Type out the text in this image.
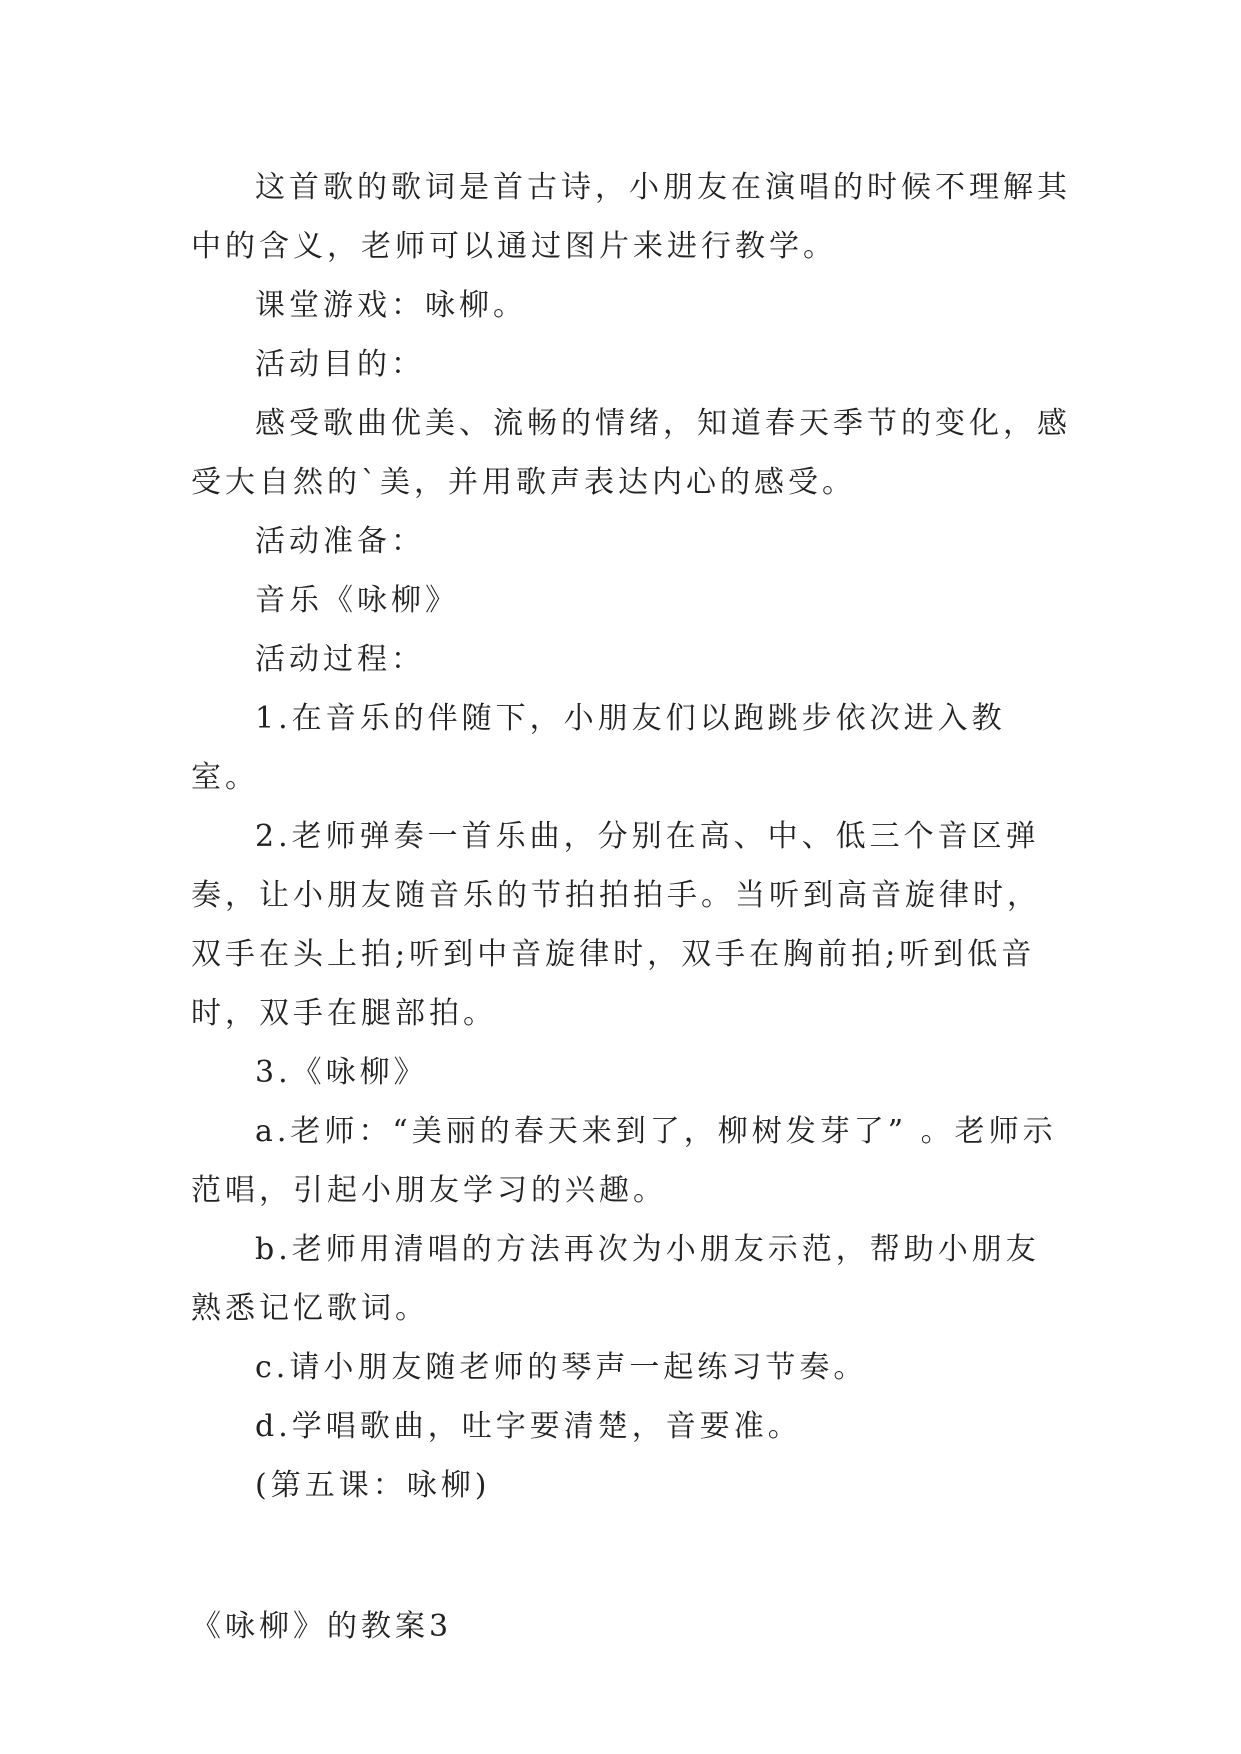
这首歌的歌词是首古诗，小朋友在演唱的时候不理解其中的含义，老师可以通过图片来进行教学。

课堂游戏：咏柳。

活动目的：

感受歌曲优美、流畅的情绪，知道春天季节的变化，感受大自然的`美，并用歌声表达内心的感受。

活动准备：

音乐《咏柳》

活动过程：

1.在音乐的伴随下，小朋友们以跑跳步依次进入教室。

2.老师弹奏一首乐曲，分别在高、中、低三个音区弹奏，让小朋友随音乐的节拍拍拍手。当听到高音旋律时，双手在头上拍;听到中音旋律时，双手在胸前拍;听到低音时，双手在腿部拍。

3.《咏柳》

a.老师：“美丽的春天来到了，柳树发芽了” 。老师示范唱，引起小朋友学习的兴趣。

b.老师用清唱的方法再次为小朋友示范，帮助小朋友熟悉记忆歌词。

c.请小朋友随老师的琴声一起练习节奏。

d.学唱歌曲，吐字要清楚，音要准。

(第五课：咏柳)

《咏柳》的教案3
